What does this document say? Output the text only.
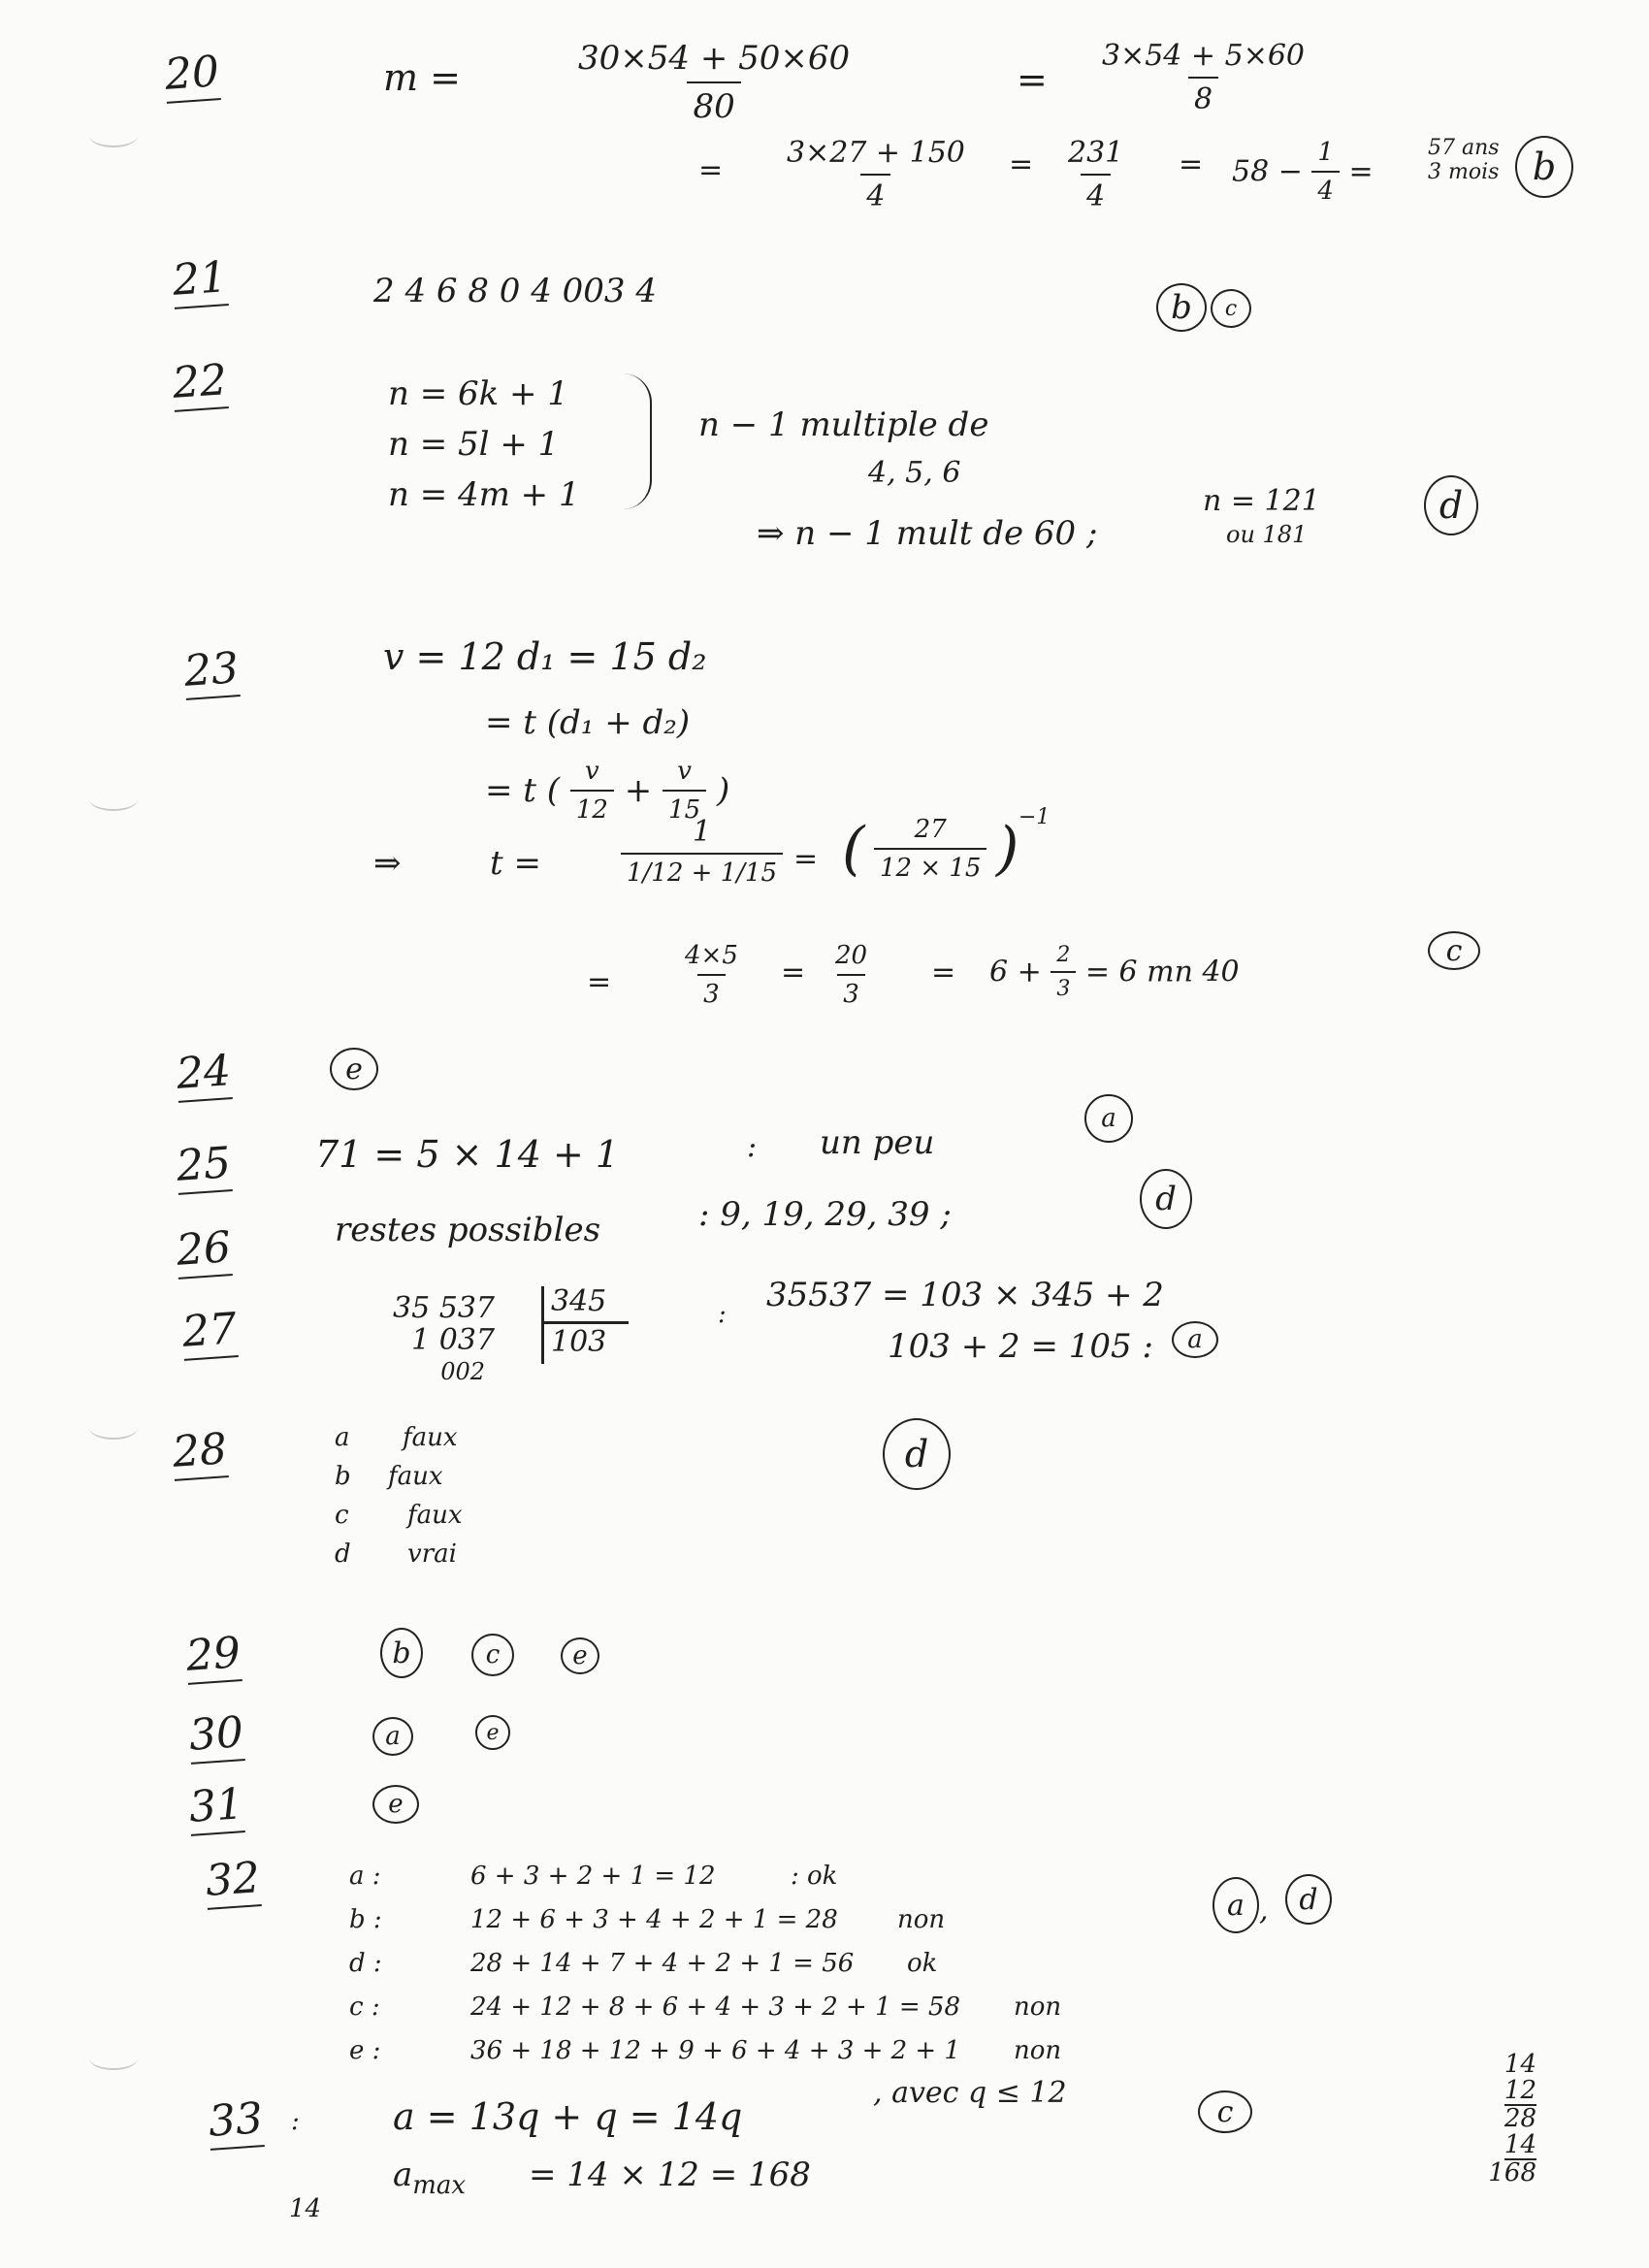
20	m =	$\frac{30\times 54 + 50\times 60}{80}$	= $\frac{3\times 54 + 5\times 60}{8}$
= $\frac{3\times 27 + 150}{4} = \frac{231}{4} = 58 - \frac{1}{4}$ =
57 ans
3 mois b
21	2 4 6 8 0 4 003 4	b c
22	n = 6k + 1
n = 5l + 1
n = 4m + 1
n − 1 multiple de
4, 5, 6
⇒ n − 1 mult de 60 ;
n = 121
ou 181
d
23	v = 12 d₁ = 15 d₂
= t (d₁ + d₂)
= t ( $\frac{v}{12} + \frac{v}{15}$ )
⇒	t =	$\frac{1}{1/12 + 1/15}$ = ( $\frac{27}{12 \times 15}$ ) −1
=	$\frac{4\times 5}{3} = \frac{20}{3} = 6 + \frac{2}{3} = 6$ mn 40
c
24	e
25 71 = 5 × 14 + 1	: un peu
a
26	restes possibles	: 9, 19, 29, 39 ;	d
27	35 537
1 037
002
345
103
: 35537 = 103 × 345 + 2
103 + 2 = 105 : a
28	a faux
b faux
c faux
d vrai
d
29	b	c	e
30	a	e
31	e
32	a :	6 + 3 + 2 + 1 = 12	: ok
b :	12 + 6 + 3 + 4 + 2 + 1 = 28 non
d :	28 + 14 + 7 + 4 + 2 + 1 = 56 ok
c :	24 + 12 + 8 + 6 + 4 + 3 + 2 + 1 = 58 non
e :	36 + 18 + 12 + 9 + 6 + 4 + 3 + 2 + 1 non
a , d
33 :	a = 13q + q = 14q
, avec q ≤ 12
$a_{max} = 14 \times 12 = 168$
c
14
12
28
14
168
14
